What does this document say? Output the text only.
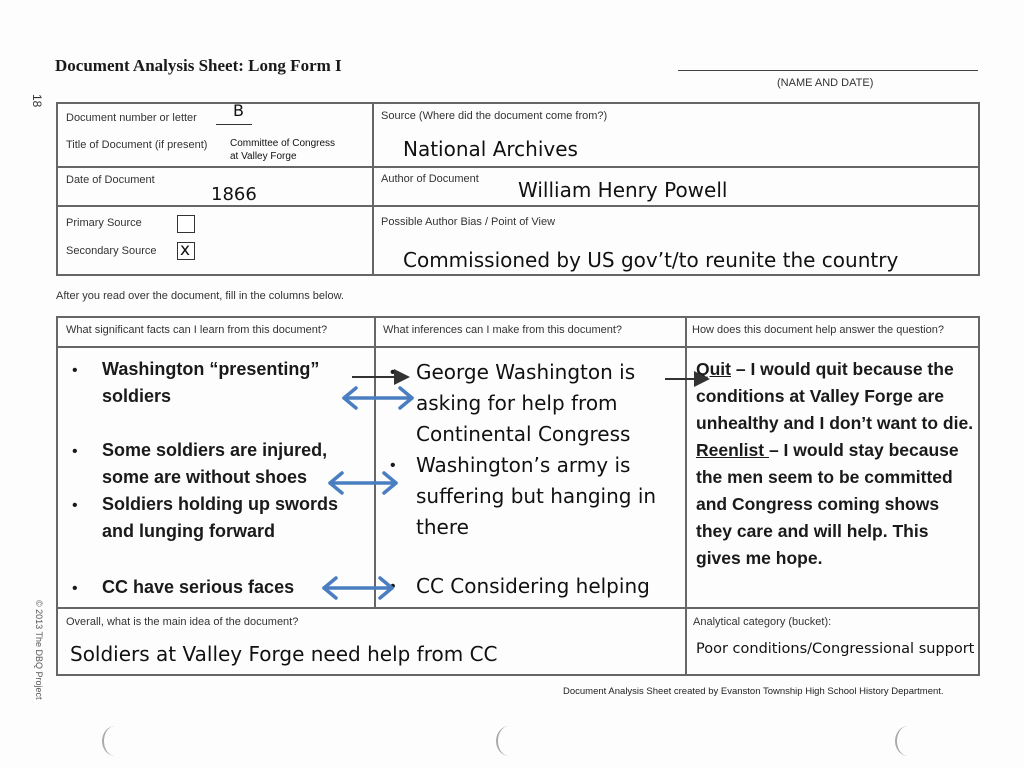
Document Analysis Sheet: Long Form I
(NAME AND DATE)
18
Document number or letter B
Title of Document (if present) Committee of Congress
at Valley Forge
Date of Document
1866
Primary Source
Secondary Source x
Source (Where did the document come from?)
National Archives
Author of Document William Henry Powell
Possible Author Bias / Point of View
Commissioned by US gov’t/to reunite the country
After you read over the document, fill in the columns below.
What significant facts can I learn from this document?	What inferences can I make from this document?	How does this document help answer the question?
• Washington “presenting” soldiers
• Some soldiers are injured, some are without shoes
• Soldiers holding up swords and lunging forward
• CC have serious faces
• George Washington is asking for help from Continental Congress
• Washington’s army is suffering but hanging in there
• CC Considering helping
Quit – I would quit because the conditions at Valley Forge are unhealthy and I don’t want to die.
Reenlist – I would stay because the men seem to be committed and Congress coming shows they care and will help. This gives me hope.
Overall, what is the main idea of the document?
Soldiers at Valley Forge need help from CC
Analytical category (bucket):
Poor conditions/Congressional support
Document Analysis Sheet created by Evanston Township High School History Department.
© 2013 The DBQ Project
